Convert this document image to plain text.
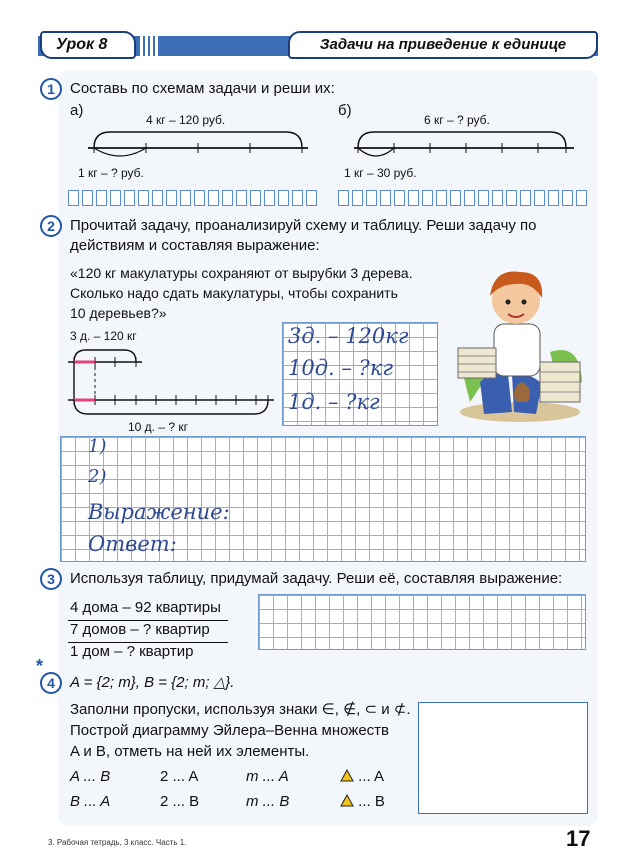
Урок 8	Задачи на приведение к единице
1	Составь по схемам задачи и реши их:
а)	б)
4 кг – 120 руб.	6 кг – ? руб.
1 кг – ? руб.	1 кг – 30 руб.
2	Прочитай задачу, проанализируй схему и таблицу. Реши задачу по
действиям и составляя выражение:
«120 кг макулатуры сохраняют от вырубки 3 дерева.
Сколько надо сдать макулатуры, чтобы сохранить
10 деревьев?»
3 д. – 120 кг
10 д. – ? кг
3д. – 120кг
10д. – ?кг
1д. – ?кг
1)
2)
Выражение:
Ответ:
3	Используя таблицу, придумай задачу. Реши её, составляя выражение:
4 дома – 92 квартиры
7 домов – ? квартир
1 дом – ? квартир
*
4	A = {2; m}, B = {2; m; △}.
Заполни пропуски, используя знаки ∈, ∉, ⊂ и ⊄.
Построй диаграмму Эйлера–Венна множеств
A и B, отметь на ней их элементы.
A ... B	2 ... A	m ... A	... A
B ... A	2 ... B	m ... B	... B
3. Рабочая тетрадь, 3 класс. Часть 1.	17
